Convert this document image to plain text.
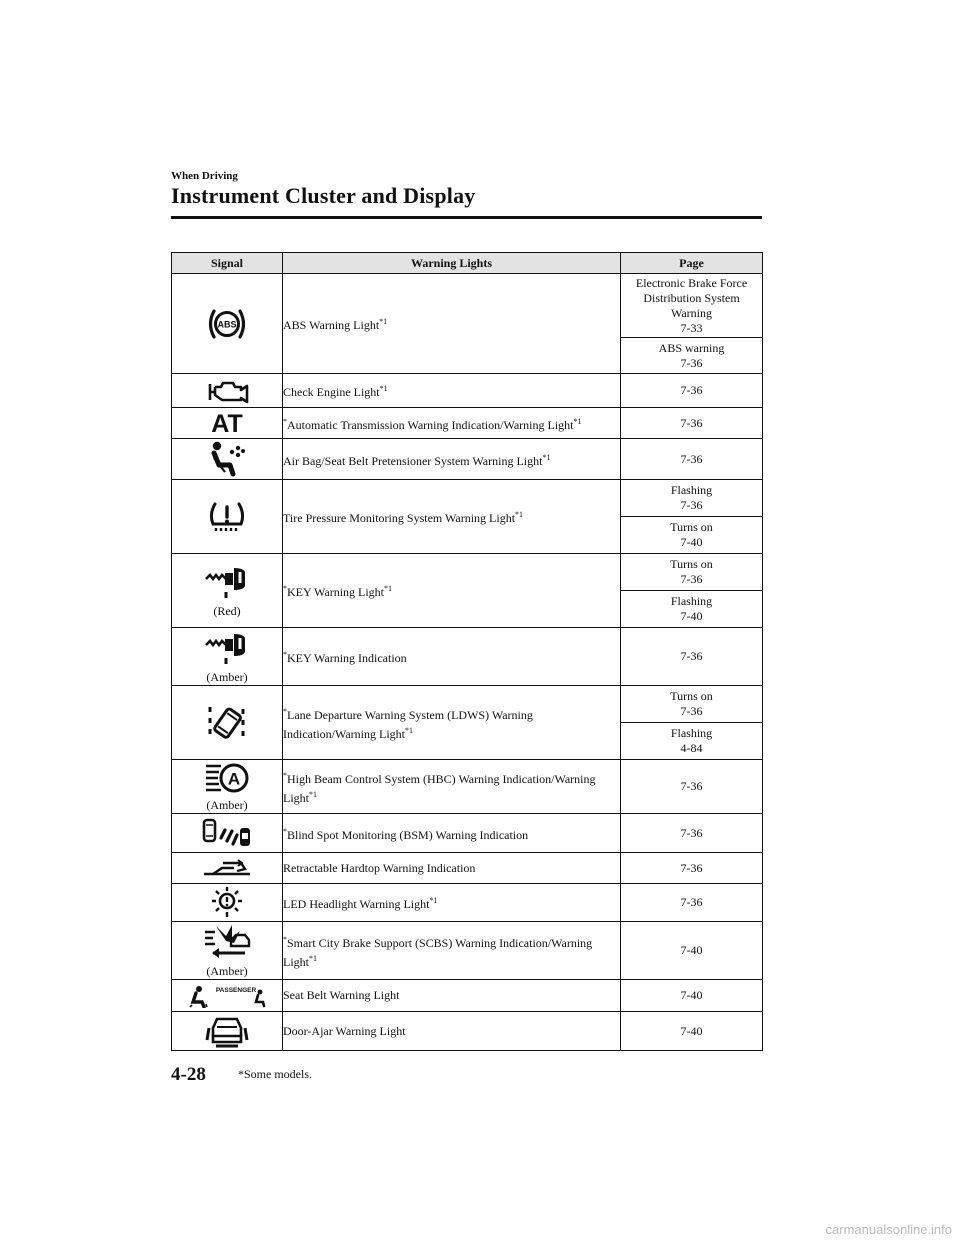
When Driving
Instrument Cluster and Display
Signal	Warning Lights	Page

ABS	ABS Warning Light$^{*1}$	Electronic Brake Force
Distribution System
Warning
7-33

		ABS warning
7-36

	Check Engine Light$^{*1}$	7-36

AT	*Automatic Transmission Warning Indication/Warning Light$^{*1}$	7-36

	Air Bag/Seat Belt Pretensioner System Warning Light$^{*1}$	7-36

	Tire Pressure Monitoring System Warning Light$^{*1}$	Flashing
7-36

		Turns on
7-40

(Red)	*KEY Warning Light$^{*1}$	Turns on
7-36

		Flashing
7-40

(Amber)	*KEY Warning Indication	7-36

	*Lane Departure Warning System (LDWS) Warning Indication/Warning Light$^{*1}$	Turns on
7-36

		Flashing
4-84

A
(Amber)	*High Beam Control System (HBC) Warning Indication/Warning Light$^{*1}$	7-36

	*Blind Spot Monitoring (BSM) Warning Indication	7-36

	Retractable Hardtop Warning Indication	7-36

	LED Headlight Warning Light$^{*1}$	7-36

(Amber)	*Smart City Brake Support (SCBS) Warning Indication/Warning Light$^{*1}$	7-40

PASSENGER	Seat Belt Warning Light	7-40

	Door-Ajar Warning Light	7-40
4-28	*Some models.
carmanualsonline.info
